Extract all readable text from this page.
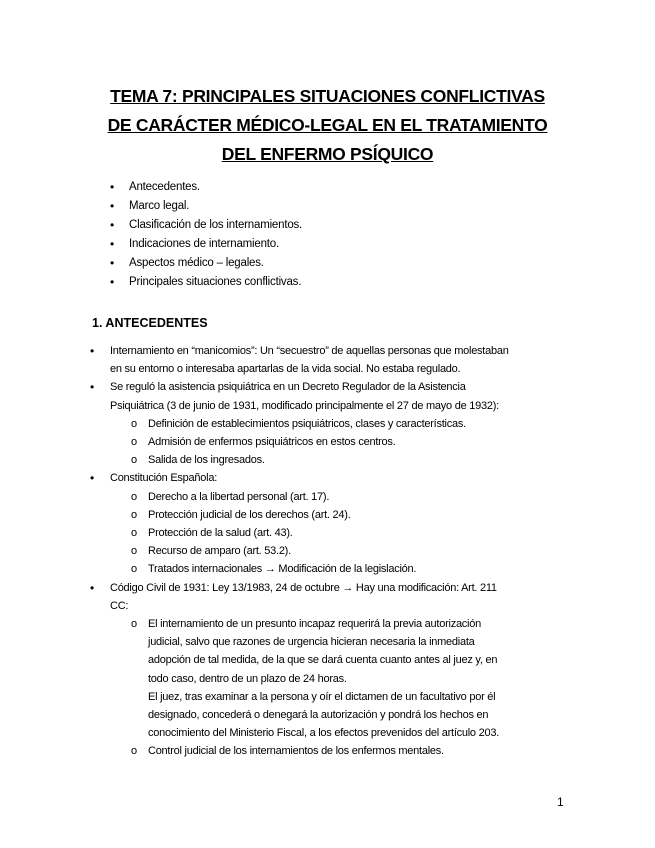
TEMA 7: PRINCIPALES SITUACIONES CONFLICTIVAS
DE CARÁCTER MÉDICO-LEGAL EN EL TRATAMIENTO
DEL ENFERMO PSÍQUICO
• Antecedentes.
• Marco legal.
• Clasificación de los internamientos.
• Indicaciones de internamiento.
• Aspectos médico – legales.
• Principales situaciones conflictivas.
1. ANTECEDENTES
• Internamiento en “manicomios”: Un “secuestro” de aquellas personas que molestaban
en su entorno o interesaba apartarlas de la vida social. No estaba regulado.
• Se reguló la asistencia psiquiátrica en un Decreto Regulador de la Asistencia
Psiquiátrica (3 de junio de 1931, modificado principalmente el 27 de mayo de 1932):
o Definición de establecimientos psiquiátricos, clases y características.
o Admisión de enfermos psiquiátricos en estos centros.
o Salida de los ingresados.
• Constitución Española:
o Derecho a la libertad personal (art. 17).
o Protección judicial de los derechos (art. 24).
o Protección de la salud (art. 43).
o Recurso de amparo (art. 53.2).
o Tratados internacionales → Modificación de la legislación.
• Código Civil de 1931: Ley 13/1983, 24 de octubre → Hay una modificación: Art. 211
CC:
o El internamiento de un presunto incapaz requerirá la previa autorización
judicial, salvo que razones de urgencia hicieran necesaria la inmediata
adopción de tal medida, de la que se dará cuenta cuanto antes al juez y, en
todo caso, dentro de un plazo de 24 horas.
El juez, tras examinar a la persona y oír el dictamen de un facultativo por él
designado, concederá o denegará la autorización y pondrá los hechos en
conocimiento del Ministerio Fiscal, a los efectos prevenidos del artículo 203.
o Control judicial de los internamientos de los enfermos mentales.
1
